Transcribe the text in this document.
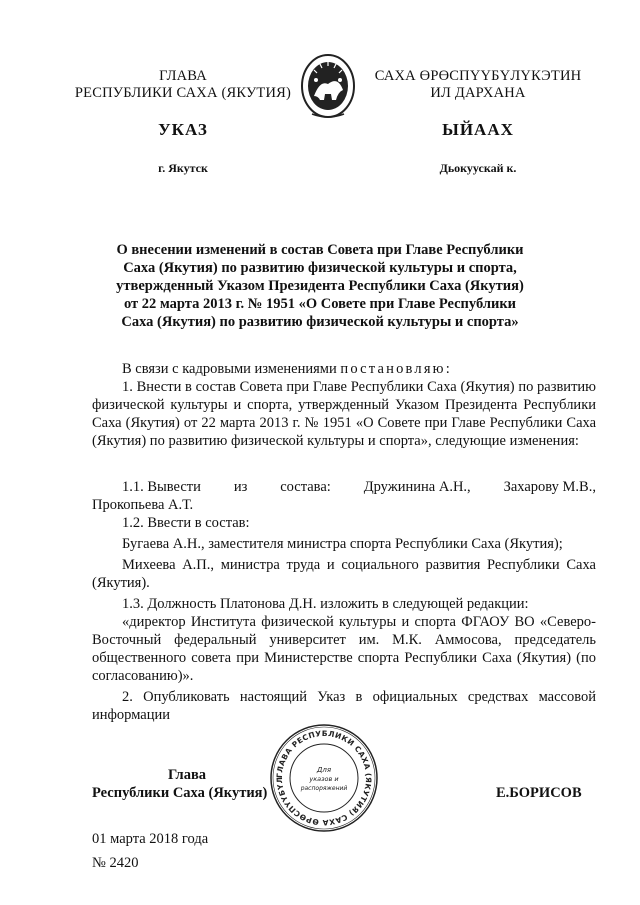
ГЛАВА
РЕСПУБЛИКИ САХА (ЯКУТИЯ)
САХА ӨРӨСПҮҮБҮЛҮКЭТИН
ИЛ ДАРХАНА
УКАЗ	ЫЙААХ
г. Якутск	Дьокуускай к.
О внесении изменений в состав Совета при Главе Республики
Саха (Якутия) по развитию физической культуры и спорта,
утвержденный Указом Президента Республики Саха (Якутия)
от 22 марта 2013 г. № 1951 «О Совете при Главе Республики
Саха (Якутия) по развитию физической культуры и спорта»
В связи с кадровыми изменениями постановляю:
1. Внести в состав Совета при Главе Республики Саха (Якутия) по развитию физической культуры и спорта, утвержденный Указом Президента Республики Саха (Якутия) от 22 марта 2013 г. № 1951 «О Совете при Главе Республики Саха (Якутия) по развитию физической культуры и спорта», следующие изменения:
1.1. Вывести из состава: Дружинина А.Н., Захарову М.В.,
Прокопьева А.Т.
1.2. Ввести в состав:
Бугаева А.Н., заместителя министра спорта Республики Саха (Якутия);
Михеева А.П., министра труда и социального развития Республики Саха (Якутия).
1.3. Должность Платонова Д.Н. изложить в следующей редакции:
«директор Института физической культуры и спорта ФГАОУ ВО «Северо-Восточный федеральный университет им. М.К. Аммосова, председатель общественного совета при Министерстве спорта Республики Саха (Якутия) (по согласованию)».
2. Опубликовать настоящий Указ в официальных средствах массовой информации
ГЛАВА РЕСПУБЛИКИ САХА (ЯКУТИЯ) САХА ӨРӨСПҮҮБҮЛ
Для
указов и
распоряжений
Глава
Республики Саха (Якутия)	Е.БОРИСОВ
01 марта 2018 года
№ 2420
